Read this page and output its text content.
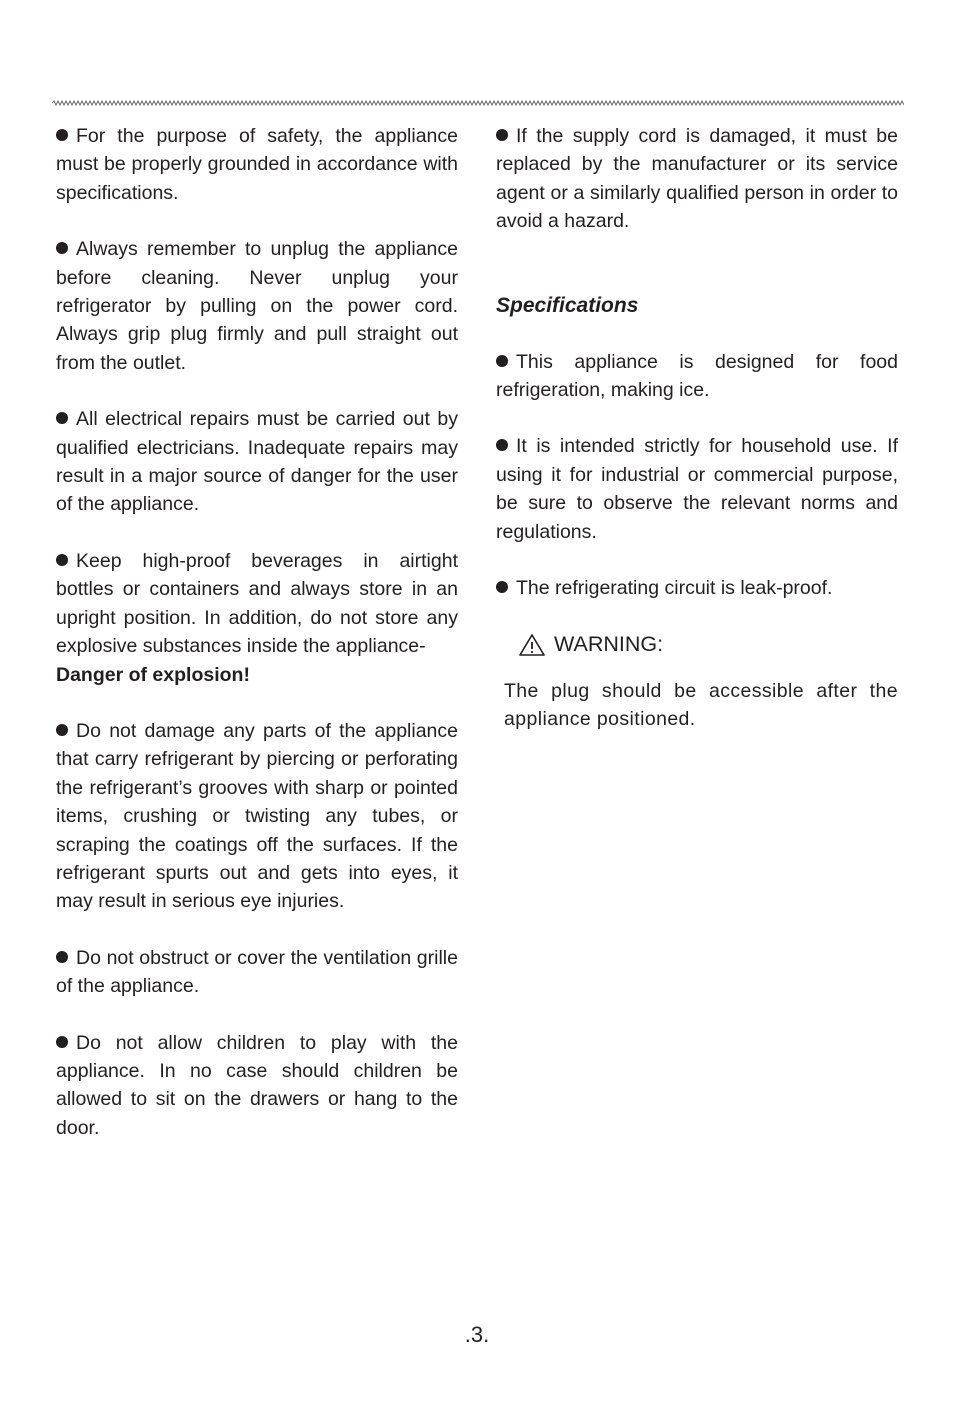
For the purpose of safety, the appliance must be properly grounded in accordance with specifications.

Always remember to unplug the appliance before cleaning. Never unplug your refrigerator by pulling on the power cord. Always grip plug firmly and pull straight out from the outlet.

All electrical repairs must be carried out by qualified electricians. Inadequate repairs may result in a major source of danger for the user of the appliance.

Keep high-proof beverages in airtight bottles or containers and always store in an upright position. In addition, do not store any explosive substances inside the appliance-
Danger of explosion!

Do not damage any parts of the appliance that carry refrigerant by piercing or perforating the refrigerant’s grooves with sharp or pointed items, crushing or twisting any tubes, or scraping the coatings off the surfaces. If the refrigerant spurts out and gets into eyes, it may result in serious eye injuries.

Do not obstruct or cover the ventilation grille of the appliance.

Do not allow children to play with the appliance. In no case should children be allowed to sit on the drawers or hang to the door.

If the supply cord is damaged, it must be replaced by the manufacturer or its service agent or a similarly qualified person in order to avoid a hazard.

Specifications

This appliance is designed for food refrigeration, making ice.

It is intended strictly for household use. If using it for industrial or commercial purpose, be sure to observe the relevant norms and regulations.

The refrigerating circuit is leak-proof.

WARNING:

The plug should be accessible after the appliance positioned.

.3.
